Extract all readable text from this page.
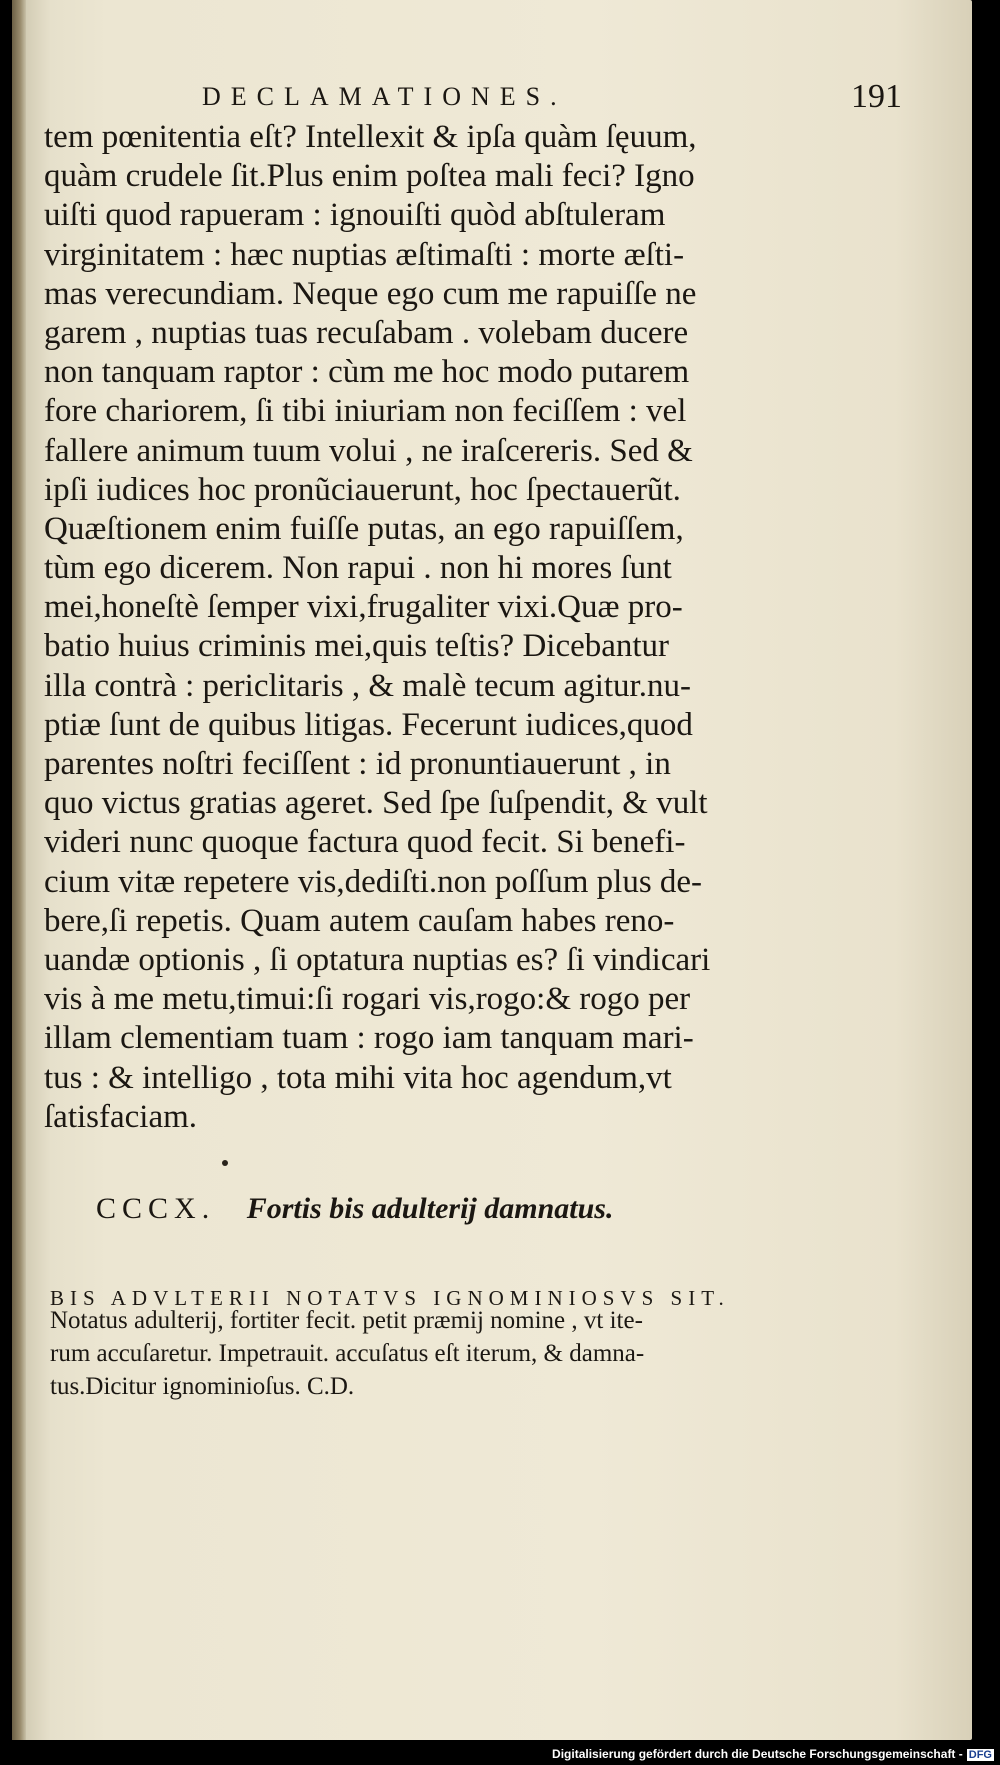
DECLAMATIONES.	191
tem pœnitentia eſt? Intellexit & ipſa quàm ſęuum,
quàm crudele ſit.Plus enim poſtea mali feci? Igno
uiſti quod rapueram : ignouiſti quòd abſtuleram
virginitatem : hæc nuptias æſtimaſti : morte æſti-
mas verecundiam. Neque ego cum me rapuiſſe ne
garem , nuptias tuas recuſabam . volebam ducere
non tanquam raptor : cùm me hoc modo putarem
fore chariorem, ſi tibi iniuriam non feciſſem : vel
fallere animum tuum volui , ne iraſcereris. Sed &
ipſi iudices hoc pronũciauerunt, hoc ſpectauerũt.
Quæſtionem enim fuiſſe putas, an ego rapuiſſem,
tùm ego dicerem. Non rapui . non hi mores ſunt
mei,honeſtè ſemper vixi,frugaliter vixi.Quæ pro-
batio huius criminis mei,quis teſtis? Dicebantur
illa contrà : periclitaris , & malè tecum agitur.nu-
ptiæ ſunt de quibus litigas. Fecerunt iudices,quod
parentes noſtri feciſſent : id pronuntiauerunt , in
quo victus gratias ageret. Sed ſpe ſuſpendit, & vult
videri nunc quoque factura quod fecit. Si benefi-
cium vitæ repetere vis,dediſti.non poſſum plus de-
bere,ſi repetis. Quam autem cauſam habes reno-
uandæ optionis , ſi optatura nuptias es? ſi vindicari
vis à me metu,timui:ſi rogari vis,rogo:& rogo per
illam clementiam tuam : rogo iam tanquam mari-
tus : & intelligo , tota mihi vita hoc agendum,vt
ſatisfaciam.
CCCX. Fortis bis adulterij damnatus.
BIS ADVLTERII NOTATVS IGNOMINIOSVS SIT.
Notatus adulterij, fortiter fecit. petit præmij nomine , vt ite-
rum accuſaretur. Impetrauit. accuſatus eſt iterum, & damna-
tus.Dicitur ignominioſus. C.D.
Digitalisierung gefördert durch die Deutsche Forschungsgemeinschaft - DFG
